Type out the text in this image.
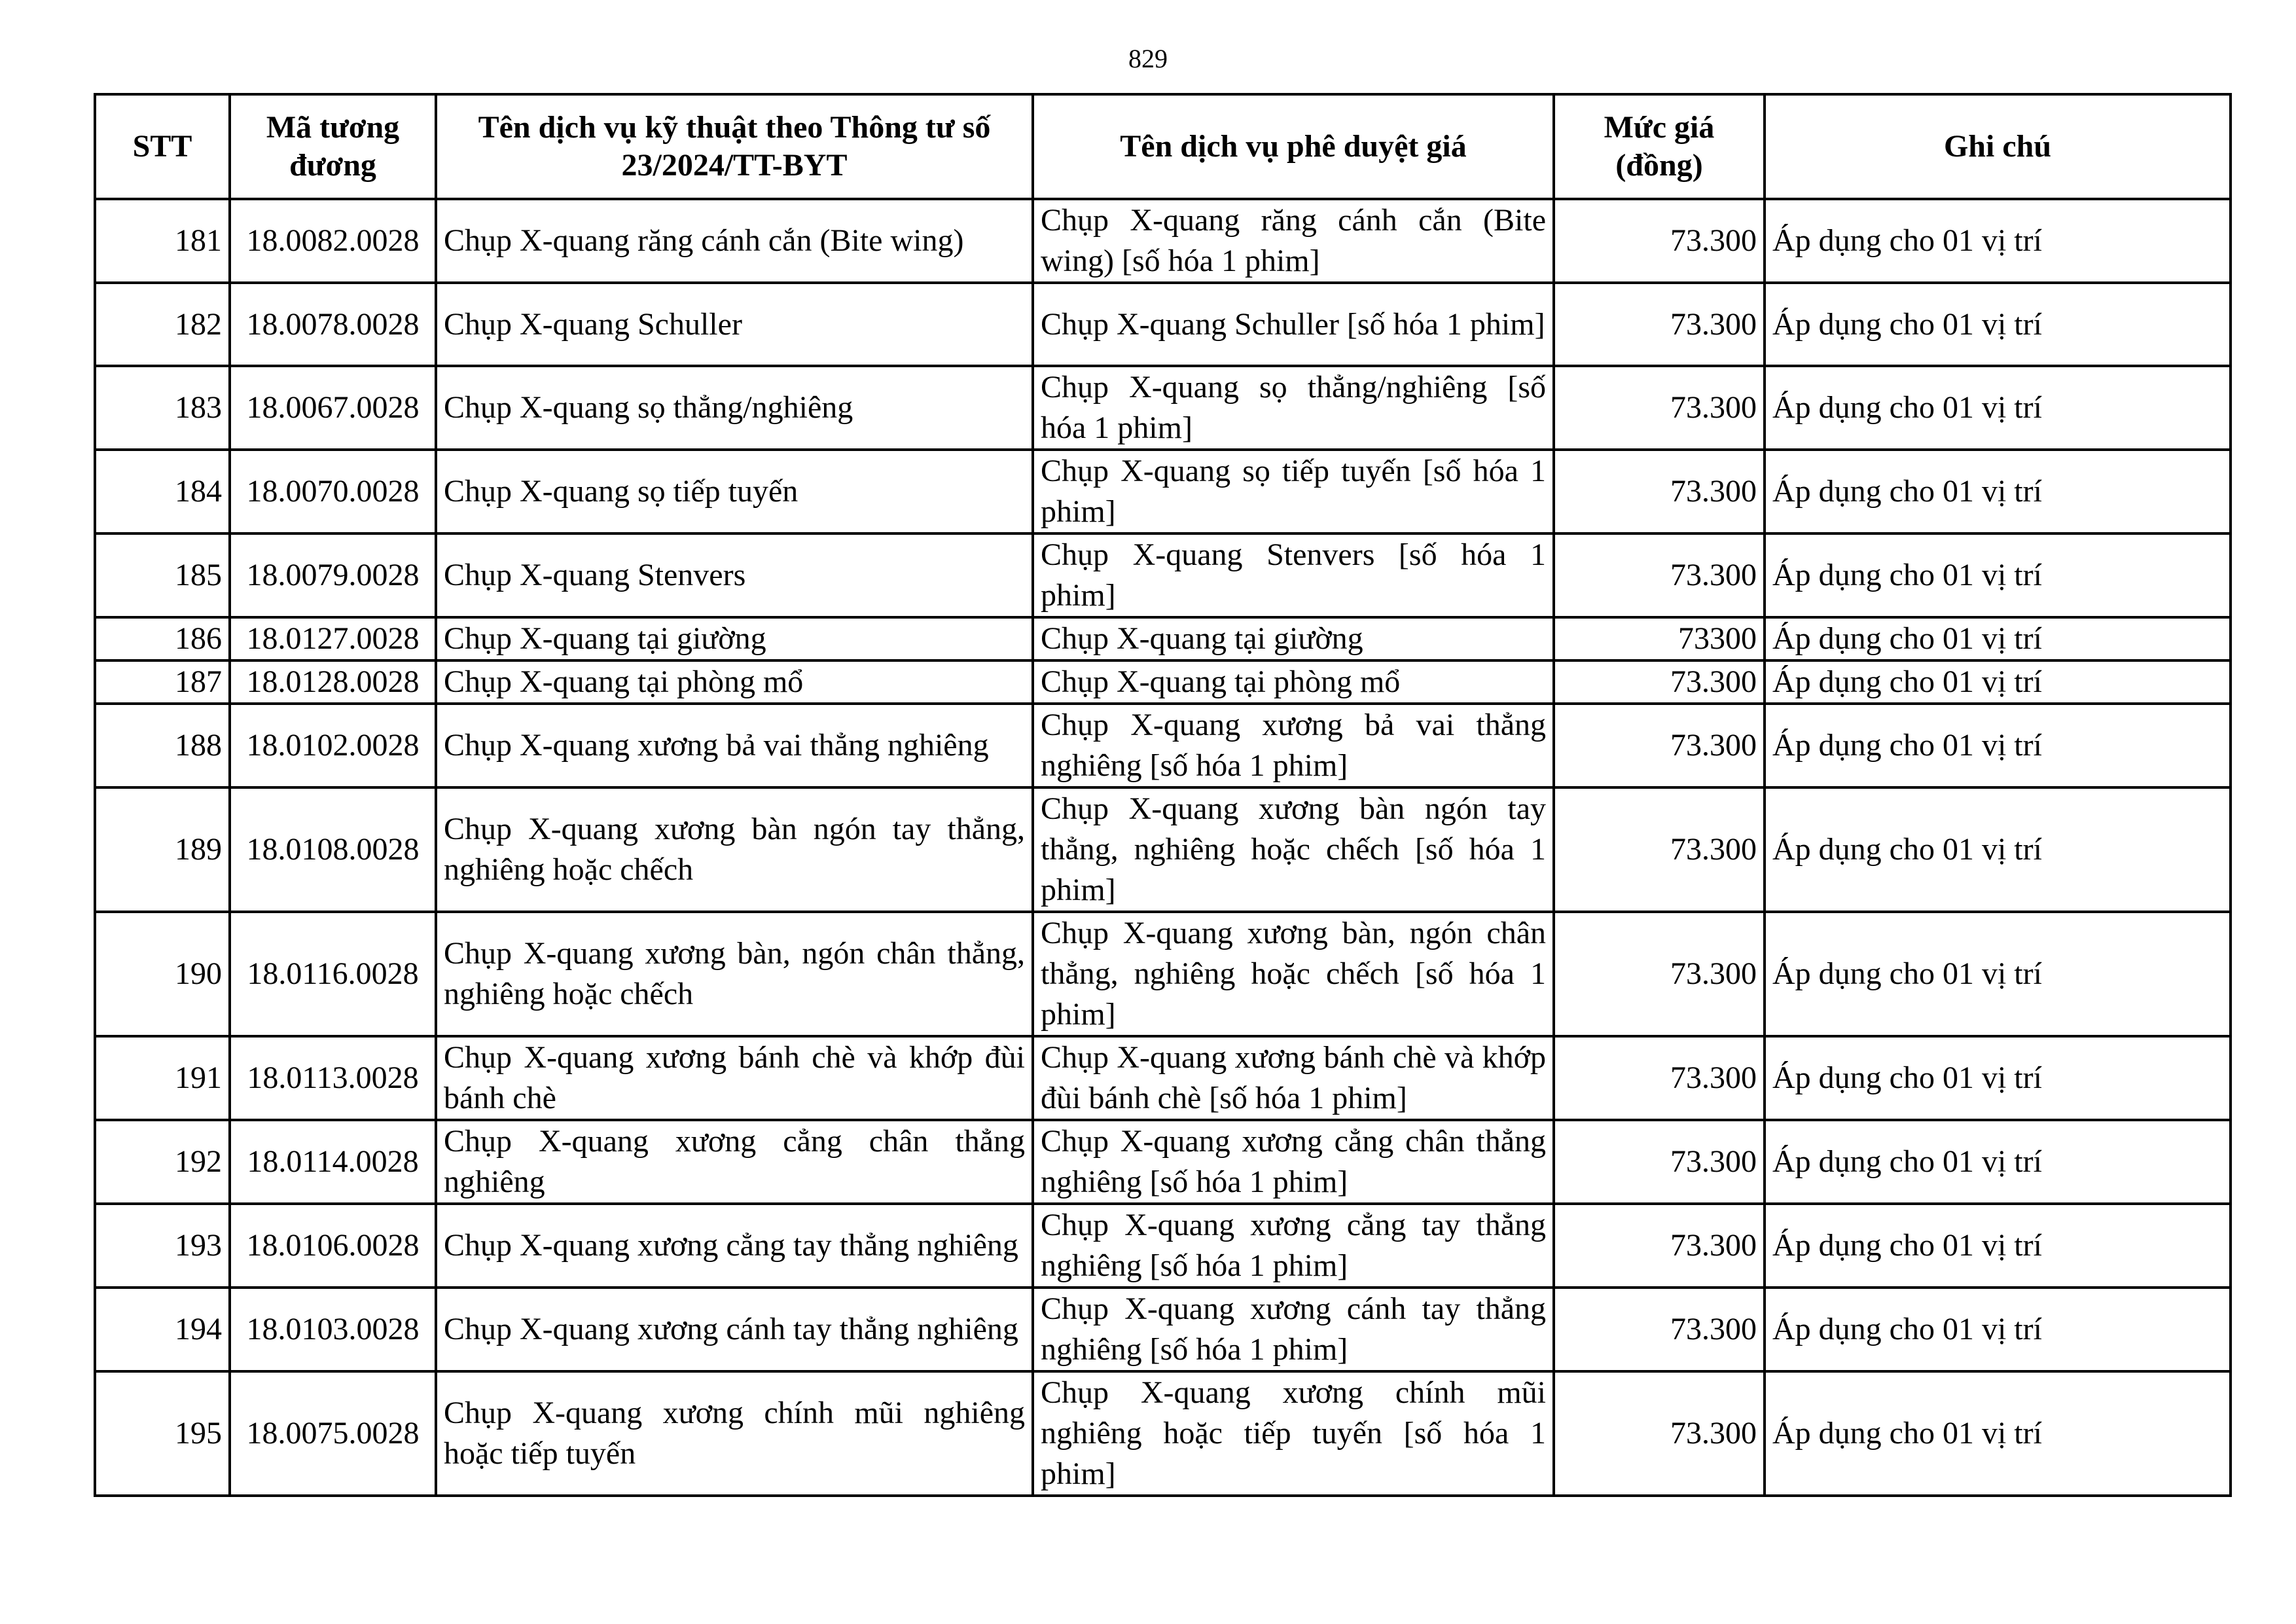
829
STT	Mã tương đương	Tên dịch vụ kỹ thuật theo Thông tư số 23/2024/TT-BYT	Tên dịch vụ phê duyệt giá	Mức giá (đồng)	Ghi chú
181	18.0082.0028	Chụp X-quang răng cánh cắn (Bite wing)	Chụp X-quang răng cánh cắn (Bite wing) [số hóa 1 phim]	73.300	Áp dụng cho 01 vị trí
182	18.0078.0028	Chụp X-quang Schuller	Chụp X-quang Schuller [số hóa 1 phim]	73.300	Áp dụng cho 01 vị trí
183	18.0067.0028	Chụp X-quang sọ thẳng/nghiêng	Chụp X-quang sọ thẳng/nghiêng [số hóa 1 phim]	73.300	Áp dụng cho 01 vị trí
184	18.0070.0028	Chụp X-quang sọ tiếp tuyến	Chụp X-quang sọ tiếp tuyến [số hóa 1 phim]	73.300	Áp dụng cho 01 vị trí
185	18.0079.0028	Chụp X-quang Stenvers	Chụp X-quang Stenvers [số hóa 1 phim]	73.300	Áp dụng cho 01 vị trí
186	18.0127.0028	Chụp X-quang tại giường	Chụp X-quang tại giường	73300	Áp dụng cho 01 vị trí
187	18.0128.0028	Chụp X-quang tại phòng mổ	Chụp X-quang tại phòng mổ	73.300	Áp dụng cho 01 vị trí
188	18.0102.0028	Chụp X-quang xương bả vai thẳng nghiêng	Chụp X-quang xương bả vai thẳng nghiêng [số hóa 1 phim]	73.300	Áp dụng cho 01 vị trí
189	18.0108.0028	Chụp X-quang xương bàn ngón tay thẳng, nghiêng hoặc chếch	Chụp X-quang xương bàn ngón tay thẳng, nghiêng hoặc chếch [số hóa 1 phim]	73.300	Áp dụng cho 01 vị trí
190	18.0116.0028	Chụp X-quang xương bàn, ngón chân thẳng, nghiêng hoặc chếch	Chụp X-quang xương bàn, ngón chân thẳng, nghiêng hoặc chếch [số hóa 1 phim]	73.300	Áp dụng cho 01 vị trí
191	18.0113.0028	Chụp X-quang xương bánh chè và khớp đùi bánh chè	Chụp X-quang xương bánh chè và khớp đùi bánh chè [số hóa 1 phim]	73.300	Áp dụng cho 01 vị trí
192	18.0114.0028	Chụp X-quang xương cẳng chân thẳng nghiêng	Chụp X-quang xương cẳng chân thẳng nghiêng [số hóa 1 phim]	73.300	Áp dụng cho 01 vị trí
193	18.0106.0028	Chụp X-quang xương cẳng tay thẳng nghiêng	Chụp X-quang xương cẳng tay thẳng nghiêng [số hóa 1 phim]	73.300	Áp dụng cho 01 vị trí
194	18.0103.0028	Chụp X-quang xương cánh tay thẳng nghiêng	Chụp X-quang xương cánh tay thẳng nghiêng [số hóa 1 phim]	73.300	Áp dụng cho 01 vị trí
195	18.0075.0028	Chụp X-quang xương chính mũi nghiêng hoặc tiếp tuyến	Chụp X-quang xương chính mũi nghiêng hoặc tiếp tuyến [số hóa 1 phim]	73.300	Áp dụng cho 01 vị trí
